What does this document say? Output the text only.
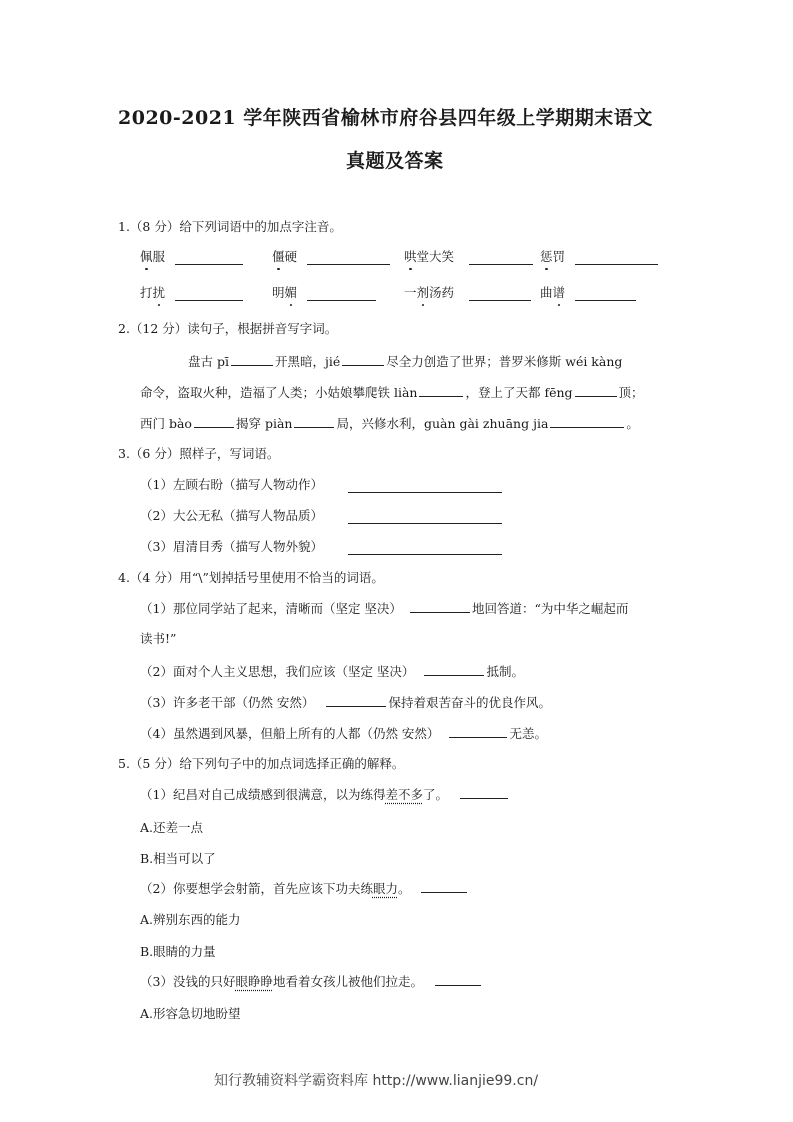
2020-2021 学年陕西省榆林市府谷县四年级上学期期末语文
真题及答案
1.（8 分）给下列词语中的加点字注音。
佩服	僵硬	哄堂大笑	惩罚
打扰	明媚	一剂汤药	曲谱
2.（12 分）读句子，根据拼音写字词。
盘古 pī	开黑暗，jié	尽全力创造了世界；普罗米修斯 wéi kàng
命令，盗取火种，造福了人类；小姑娘攀爬铁 liàn	，登上了天都 fēng	顶；
西门 bào	揭穿 piàn	局，兴修水利，guàn gài zhuāng jia	。
3.（6 分）照样子，写词语。
（1）左顾右盼（描写人物动作）
（2）大公无私（描写人物品质）
（3）眉清目秀（描写人物外貌）
4.（4 分）用“\”划掉括号里使用不恰当的词语。
（1）那位同学站了起来，清晰而（坚定 坚决）	地回答道：“为中华之崛起而
读书!”
（2）面对个人主义思想，我们应该（坚定 坚决）	抵制。
（3）许多老干部（仍然 安然）	保持着艰苦奋斗的优良作风。
（4）虽然遇到风暴，但船上所有的人都（仍然 安然）	无恙。
5.（5 分）给下列句子中的加点词选择正确的解释。
（1）纪昌对自己成绩感到很满意，以为练得差不多了。
A.还差一点
B.相当可以了
（2）你要想学会射箭，首先应该下功夫练眼力。
A.辨别东西的能力
B.眼睛的力量
（3）没钱的只好眼睁睁地看着女孩儿被他们拉走。
A.形容急切地盼望
知行教辅资料学霸资料库 http://www.lianjie99.cn/
